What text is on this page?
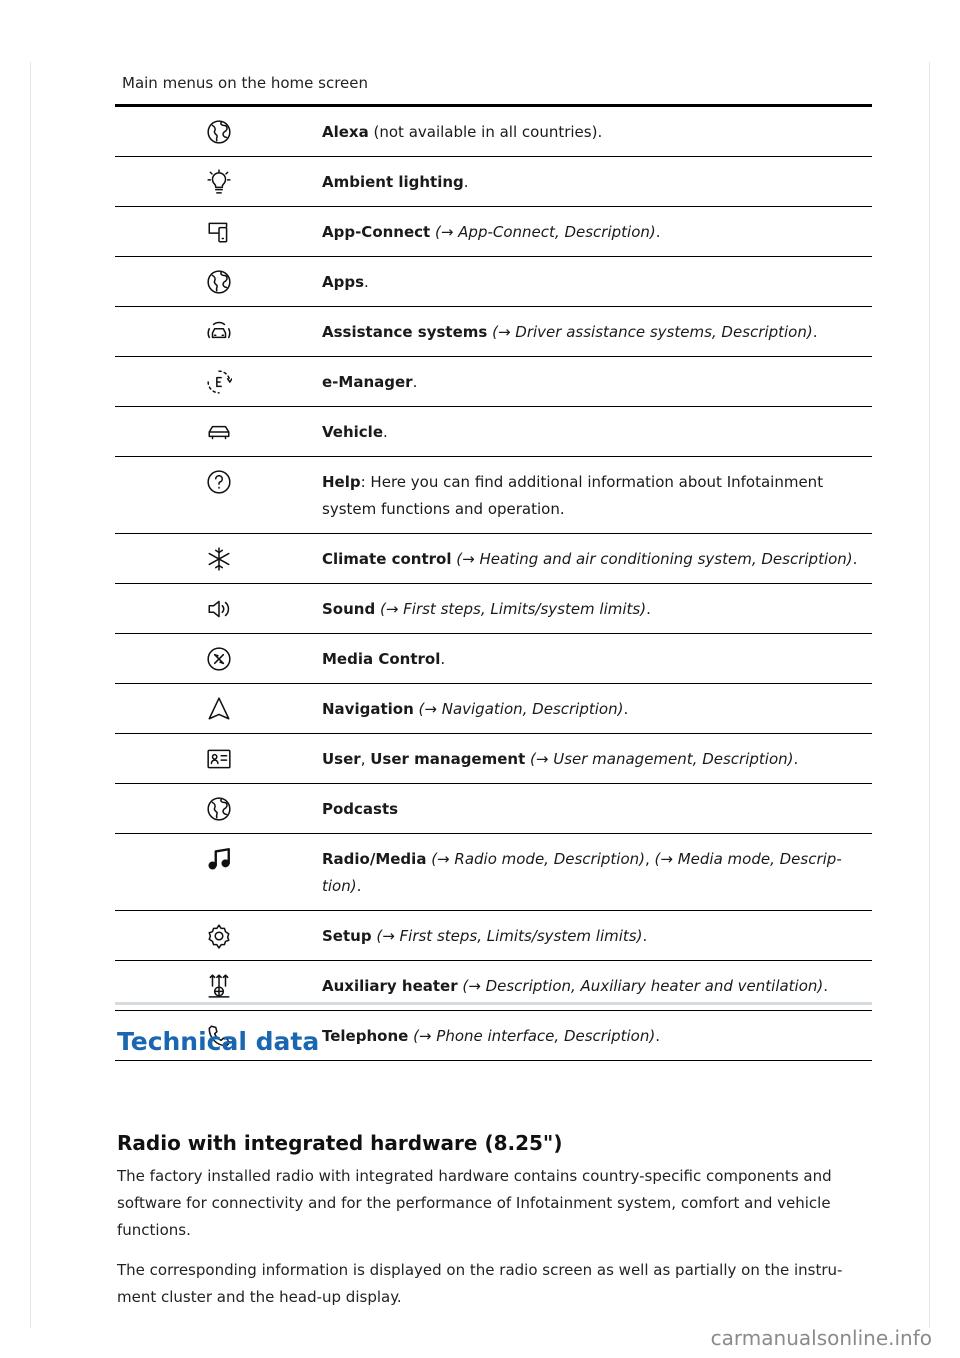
Main menus on the home screen
Alexa (not available in all countries).
Ambient lighting.
App-Connect (→ App-Connect, Description).
Apps.
Assistance systems (→ Driver assistance systems, Description).
e-Manager.
Vehicle.
Help: Here you can find additional information about Infotainment system functions and operation.
Climate control (→ Heating and air conditioning system, Description).
Sound (→ First steps, Limits/system limits).
Media Control.
Navigation (→ Navigation, Description).
User, User management (→ User management, Description).
Podcasts
Radio/Media (→ Radio mode, Description), (→ Media mode, Descrip-tion).
Setup (→ First steps, Limits/system limits).
Auxiliary heater (→ Description, Auxiliary heater and ventilation).
Telephone (→ Phone interface, Description).
Technical data
Radio with integrated hardware (8.25")

The factory installed radio with integrated hardware contains country-specific components and software for connectivity and for the performance of Infotainment system, comfort and vehicle functions.

The corresponding information is displayed on the radio screen as well as partially on the instru-ment cluster and the head-up display.

carmanualsonline.info
